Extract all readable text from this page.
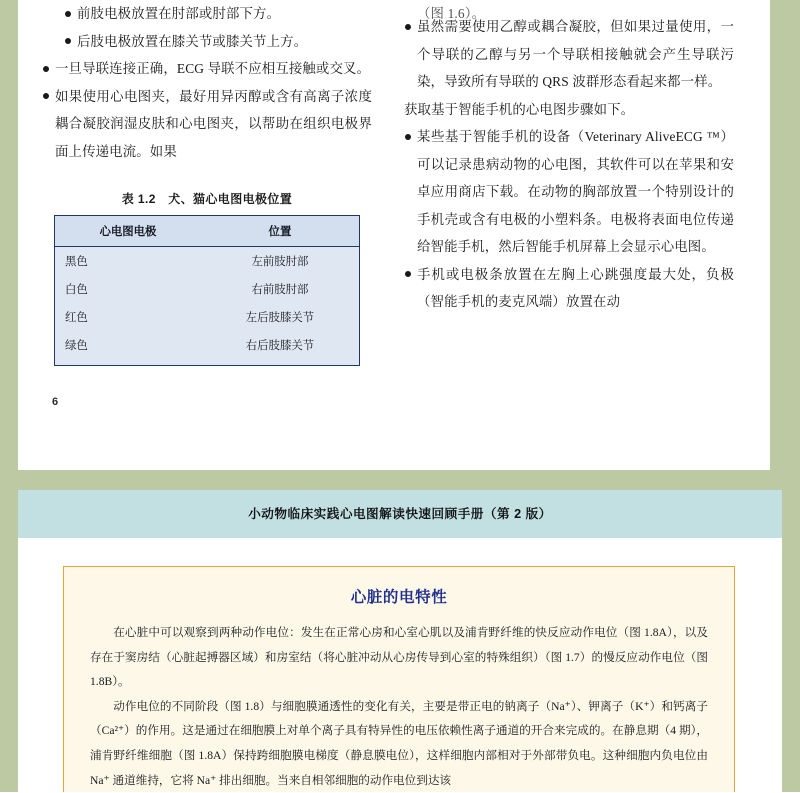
前肢电极放置在肘部或肘部下方。

后肢电极放置在膝关节或膝关节上方。

一旦导联连接正确，ECG 导联不应相互接触或交叉。

如果使用心电图夹，最好用异丙醇或含有高离子浓度耦合凝胶润湿皮肤和心电图夹，以帮助在组织电极界面上传递电流。如果

（图 1.6）。

虽然需要使用乙醇或耦合凝胶，但如果过量使用，一个导联的乙醇与另一个导联相接触就会产生导联污染，导致所有导联的 QRS 波群形态看起来都一样。

获取基于智能手机的心电图步骤如下。

某些基于智能手机的设备（Veterinary AliveECG ™）可以记录患病动物的心电图，其软件可以在苹果和安卓应用商店下载。在动物的胸部放置一个特别设计的手机壳或含有电极的小塑料条。电极将表面电位传递给智能手机，然后智能手机屏幕上会显示心电图。

手机或电极条放置在左胸上心跳强度最大处，负极（智能手机的麦克风端）放置在动

表 1.2　犬、猫心电图电极位置
心电图电极	位置
黑色	左前肢肘部
白色	右前肢肘部
红色	左后肢膝关节
绿色	右后肢膝关节
6
小动物临床实践心电图解读快速回顾手册（第 2 版）
心脏的电特性

在心脏中可以观察到两种动作电位：发生在正常心房和心室心肌以及浦肯野纤维的快反应动作电位（图 1.8A），以及存在于窦房结（心脏起搏器区域）和房室结（将心脏冲动从心房传导到心室的特殊组织）（图 1.7）的慢反应动作电位（图 1.8B）。

动作电位的不同阶段（图 1.8）与细胞膜通透性的变化有关，主要是带正电的钠离子（Na⁺）、钾离子（K⁺）和钙离子（Ca²⁺）的作用。这是通过在细胞膜上对单个离子具有特异性的电压依赖性离子通道的开合来完成的。在静息期（4 期），浦肯野纤维细胞（图 1.8A）保持跨细胞膜电梯度（静息膜电位），这样细胞内部相对于外部带负电。这种细胞内负电位由 Na⁺ 通道维持，它将 Na⁺ 排出细胞。当来自相邻细胞的动作电位到达该
